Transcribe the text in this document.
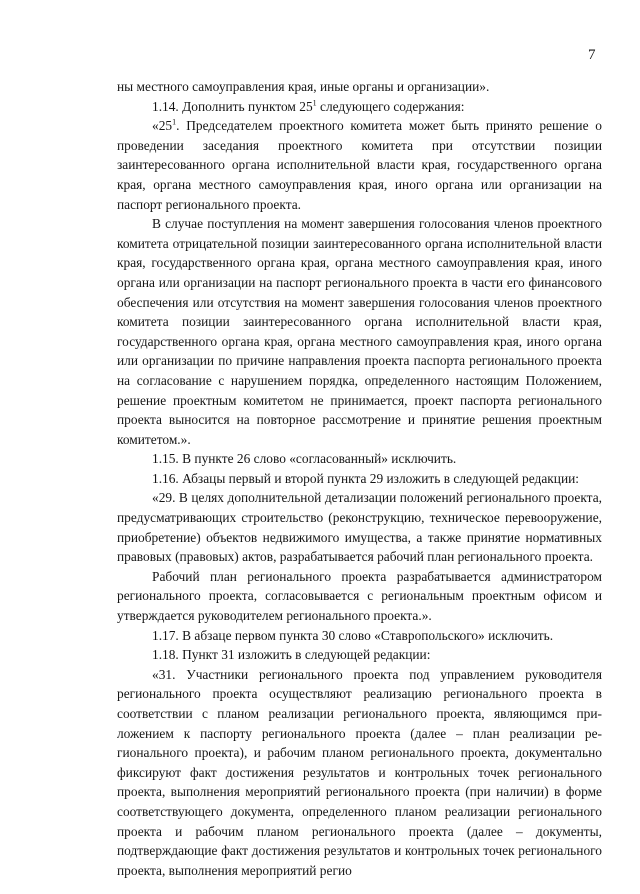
7

ны местного самоуправления края, иные органы и организации».

1.14. Дополнить пунктом $25^1$ следующего содержания:

«$25^1$. Председателем проектного комитета может быть принято решение о проведении заседания проектного комитета при отсутствии позиции заинтересованного органа исполнительной власти края, государственного органа края, органа местного самоуправления края, иного органа или организации на паспорт регионального проекта.

В случае поступления на момент завершения голосования членов проектного комитета отрицательной позиции заинтересованного органа исполнительной власти края, государственного органа края, органа местного самоуправления края, иного органа или организации на паспорт регионального проекта в части его финансового обеспечения или отсутствия на момент завершения голосования членов проектного комитета позиции заинтересованного органа исполнительной власти края, государственного органа края, органа местного самоуправления края, иного органа или организации по причине направления проекта паспорта регионального проекта на согласование с нарушением порядка, определенного настоящим Положением, решение проектным комитетом не принимается, проект паспорта регионального проекта выносится на повторное рассмотрение и принятие решения проектным комитетом.».

1.15. В пункте 26 слово «согласованный» исключить.

1.16. Абзацы первый и второй пункта 29 изложить в следующей редакции:

«29. В целях дополнительной детализации положений регионального проекта, предусматривающих строительство (реконструкцию, техническое перевооружение, приобретение) объектов недвижимого имущества, а также принятие нормативных правовых (правовых) актов, разрабатывается рабочий план регионального проекта.

Рабочий план регионального проекта разрабатывается администратором регионального проекта, согласовывается с региональным проектным офисом и утверждается руководителем регионального проекта.».

1.17. В абзаце первом пункта 30 слово «Ставропольского» исключить.

1.18. Пункт 31 изложить в следующей редакции:

«31. Участники регионального проекта под управлением руководителя регионального проекта осуществляют реализацию регионального проекта в соответствии с планом реализации регионального проекта, являющимся приложением к паспорту регионального проекта (далее – план реализации регионального проекта), и рабочим планом регионального проекта, документально фиксируют факт достижения результатов и контрольных точек регионального проекта, выполнения мероприятий регионального проекта (при наличии) в форме соответствующего документа, определенного планом реализации регионального проекта и рабочим планом регионального проекта (далее – документы, подтверждающие факт достижения результатов и контрольных точек регионального проекта, выполнения мероприятий регио
